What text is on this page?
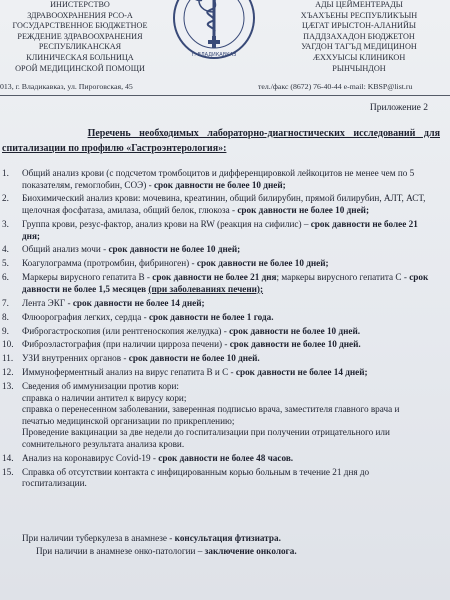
ИНИСТЕРСТВО
ЗДРАВООХРАНЕНИЯ РСО-А
ГОСУДАРСТВЕННОЕ БЮДЖЕТНОЕ
РЕЖДЕНИЕ ЗДРАВООХРАНЕНИЯ
РЕСПУБЛИКАНСКАЯ
КЛИНИЧЕСКАЯ БОЛЬНИЦА
ОРОЙ МЕДИЦИНСКОЙ ПОМОЩИ
г. ВЛАДИКАВКАЗ
АДЫ ЦЕЙМЕНТЕРАДЫ
ХЪАХЪЕНЫ РЕСПУБЛИКЪЫН
ЦÆГАТ ИРЫСТОН-АЛАНИЙЫ
ПАДДЗАХАДОН БЮДЖЕТОН
УАГДОН ТАГЪД МЕДИЦИНОН
ÆХХУЫСЫ КЛИНИКОН
РЫНЧЫНДОН
013, г. Владикавказ, ул. Пироговская, 45	тел./факс (8672) 76-40-44 e-mail: KBSP@list.ru
Приложение 2
Перечень необходимых лабораторно-диагностических исследований для
спитализации по профилю «Гастроэнтерология»:
1. Общий анализ крови (с подсчетом тромбоцитов и дифференцировкой лейкоцитов не менее чем по 5 показателям, гемоглобин, СОЭ) - срок давности не более 10 дней;
2. Биохимический анализ крови: мочевина, креатинин, общий билирубин, прямой билирубин, АЛТ, АСТ, щелочная фосфатаза, амилаза, общий белок, глюкоза - срок давности не более 10 дней;
3. Группа крови, резус-фактор, анализ крови на RW (реакция на сифилис) – срок давности не более 21 дня;
4. Общий анализ мочи - срок давности не более 10 дней;
5. Коагулограмма (протромбин, фибриноген) - срок давности не более 10 дней;
6. Маркеры вирусного гепатита В - срок давности не более 21 дня; маркеры вирусного гепатита С - срок давности не более 1,5 месяцев (при заболеваниях печени);
7. Лента ЭКГ - срок давности не более 14 дней;
8. Флюорография легких, сердца - срок давности не более 1 года.
9. Фиброгастроскопия (или рентгеноскопия желудка) - срок давности не более 10 дней.
10. Фиброэластография (при наличии цирроза печени) - срок давности не более 10 дней.
11. УЗИ внутренних органов - срок давности не более 10 дней.
12. Иммуноферментный анализ на вирус гепатита В и С - срок давности не более 14 дней;
13. Сведения об иммунизации против кори:
справка о наличии антител к вирусу кори;
справка о перенесенном заболевании, заверенная подписью врача, заместителя главного врача и печатью медицинской организации по прикреплению;
Проведение вакцинации за две недели до госпитализации при получении отрицательного или сомнительного результата анализа крови.
14. Анализ на коронавирус Covid-19 - срок давности не более 48 часов.
15. Справка об отсутствии контакта с инфицированным корью больным в течение 21 дня до госпитализации.
При наличии туберкулеза в анамнезе - консультация фтизиатра.
При наличии в анамнезе онко-патологии – заключение онколога.
